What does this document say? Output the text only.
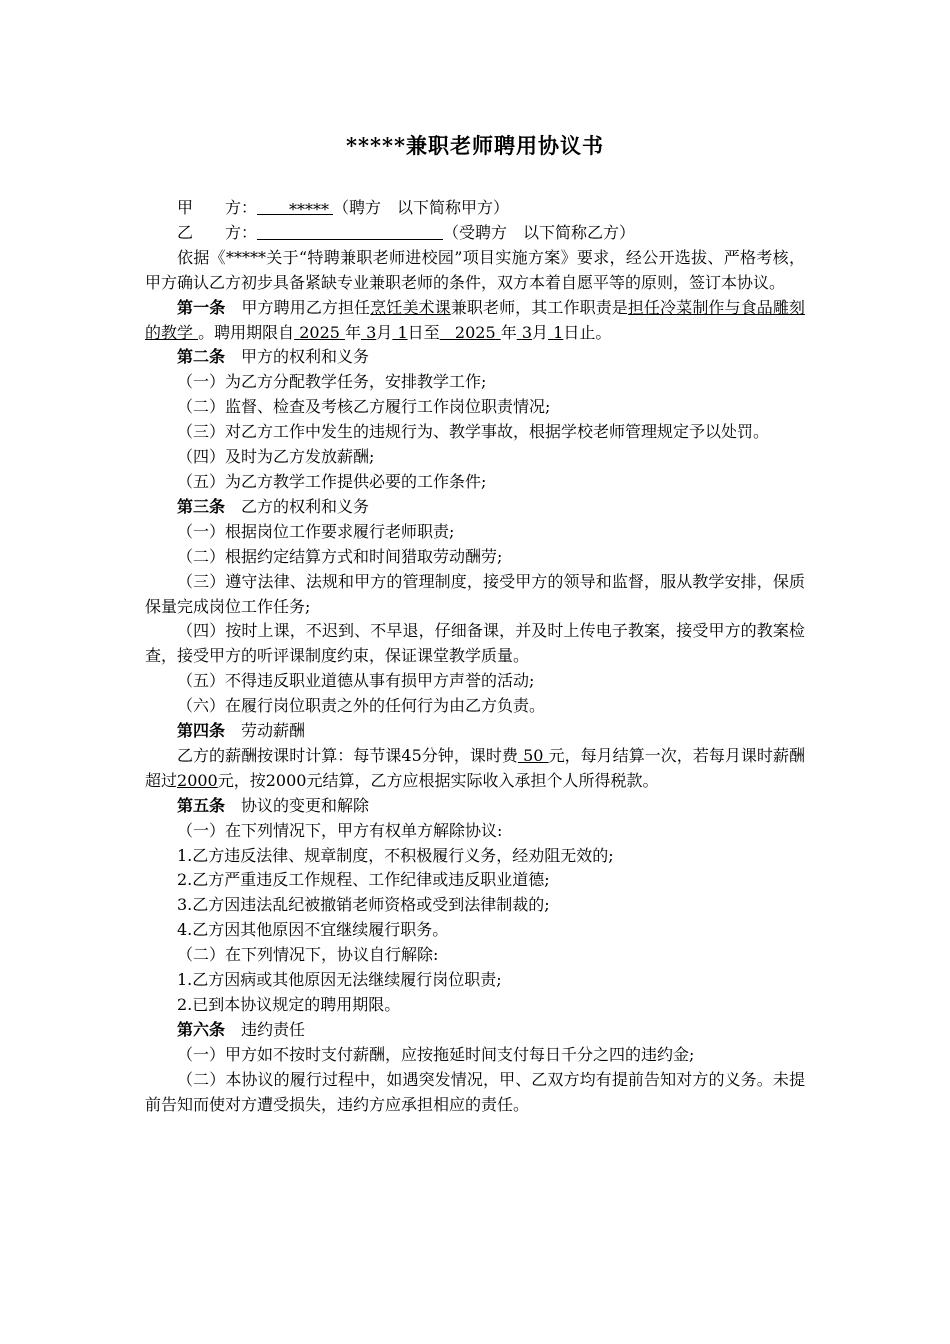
*****兼职老师聘用协议书

甲　　方： ***** （聘方　以下简称甲方）

乙　　方：	（受聘方　以下简称乙方）

依据《*****关于“特聘兼职老师进校园”项目实施方案》要求，经公开选拔、严格考核，甲方确认乙方初步具备紧缺专业兼职老师的条件，双方本着自愿平等的原则，签订本协议。

第一条　 甲方聘用乙方担任烹饪美术课兼职老师，其工作职责是担任冷菜制作与食品雕刻的教学 。聘用期限自 2025 年 3月 1日至 2025 年 3月 1日止。

第二条　 甲方的权利和义务

（一）为乙方分配教学任务，安排教学工作;

（二）监督、检查及考核乙方履行工作岗位职责情况;

（三）对乙方工作中发生的违规行为、教学事故，根据学校老师管理规定予以处罚。

（四）及时为乙方发放薪酬;

（五）为乙方教学工作提供必要的工作条件;

第三条　 乙方的权利和义务

（一）根据岗位工作要求履行老师职责;

（二）根据约定结算方式和时间猎取劳动酬劳;

（三）遵守法律、法规和甲方的管理制度，接受甲方的领导和监督，服从教学安排，保质保量完成岗位工作任务;

（四）按时上课，不迟到、不早退，仔细备课，并及时上传电子教案，接受甲方的教案检查，接受甲方的听评课制度约束，保证课堂教学质量。

（五）不得违反职业道德从事有损甲方声誉的活动;

（六）在履行岗位职责之外的任何行为由乙方负责。

第四条　 劳动薪酬

乙方的薪酬按课时计算：每节课45分钟，课时费 50 元，每月结算一次，若每月课时薪酬超过2000元，按2000元结算，乙方应根据实际收入承担个人所得税款。

第五条　 协议的变更和解除

（一）在下列情况下，甲方有权单方解除协议:

1.乙方违反法律、规章制度，不积极履行义务，经劝阻无效的;

2.乙方严重违反工作规程、工作纪律或违反职业道德;

3.乙方因违法乱纪被撤销老师资格或受到法律制裁的;

4.乙方因其他原因不宜继续履行职务。

（二）在下列情况下，协议自行解除:

1.乙方因病或其他原因无法继续履行岗位职责;

2.已到本协议规定的聘用期限。

第六条　 违约责任

（一）甲方如不按时支付薪酬，应按拖延时间支付每日千分之四的违约金;

（二）本协议的履行过程中，如遇突发情况，甲、乙双方均有提前告知对方的义务。未提前告知而使对方遭受损失，违约方应承担相应的责任。
